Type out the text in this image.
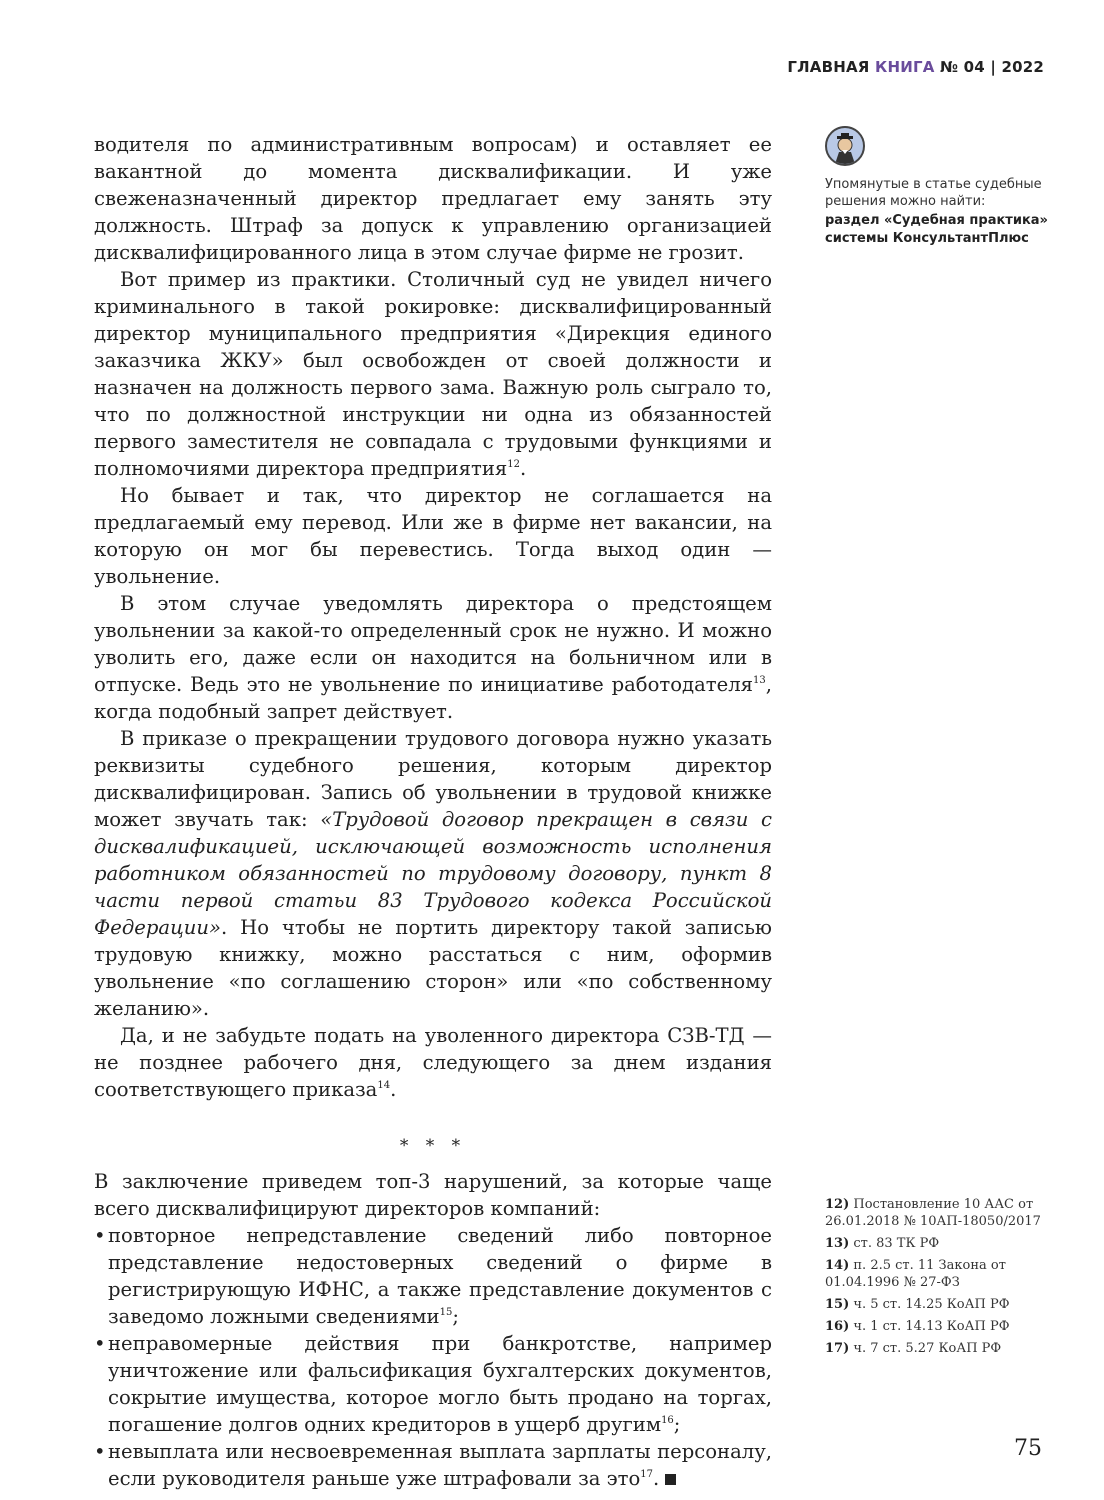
ГЛАВНАЯ КНИГА № 04 | 2022

водителя по административным вопросам) и оставляет ее вакантной до момента дисквалификации. И уже свеженазначенный директор предлагает ему занять эту должность. Штраф за допуск к управлению организацией дисквалифицированного лица в этом случае фирме не грозит.

Вот пример из практики. Столичный суд не увидел ничего криминального в такой рокировке: дисквалифицированный директор муниципального предприятия «Дирекция единого заказчика ЖКУ» был освобожден от своей должности и назначен на должность первого зама. Важную роль сыграло то, что по должностной инструкции ни одна из обязанностей первого заместителя не совпадала с трудовыми функциями и полномочиями директора предприятия$^{12}$.

Но бывает и так, что директор не соглашается на предлагаемый ему перевод. Или же в фирме нет вакансии, на которую он мог бы перевестись. Тогда выход один — увольнение.

В этом случае уведомлять директора о предстоящем увольнении за какой-то определенный срок не нужно. И можно уволить его, даже если он находится на больничном или в отпуске. Ведь это не увольнение по инициативе работодателя$^{13}$, когда подобный запрет действует.

В приказе о прекращении трудового договора нужно указать реквизиты судебного решения, которым директор дисквалифицирован. Запись об увольнении в трудовой книжке может звучать так: «Трудовой договор прекращен в связи с дисквалификацией, исключающей возможность исполнения работником обязанностей по трудовому договору, пункт 8 части первой статьи 83 Трудового кодекса Российской Федерации». Но чтобы не портить директору такой записью трудовую книжку, можно расстаться с ним, оформив увольнение «по соглашению сторон» или «по собственному желанию».

Да, и не забудьте подать на уволенного директора СЗВ-ТД — не позднее рабочего дня, следующего за днем издания соответствующего приказа$^{14}$.

* * *

В заключение приведем топ-3 нарушений, за которые чаще всего дисквалифицируют директоров компаний:

• повторное непредставление сведений либо повторное представление недостоверных сведений о фирме в регистрирующую ИФНС, а также представление документов с заведомо ложными сведениями$^{15}$;
• неправомерные действия при банкротстве, например уничтожение или фальсификация бухгалтерских документов, сокрытие имущества, которое могло быть продано на торгах, погашение долгов одних кредиторов в ущерб другим$^{16}$;
• невыплата или несвоевременная выплата зарплаты персоналу, если руководителя раньше уже штрафовали за это$^{17}$.
Упомянутые в статье судебные решения можно найти:
раздел «Судебная практика» системы КонсультантПлюс
12) Постановление 10 ААС от 26.01.2018 № 10АП-18050/2017
13) ст. 83 ТК РФ
14) п. 2.5 ст. 11 Закона от 01.04.1996 № 27-ФЗ
15) ч. 5 ст. 14.25 КоАП РФ
16) ч. 1 ст. 14.13 КоАП РФ
17) ч. 7 ст. 5.27 КоАП РФ
75
